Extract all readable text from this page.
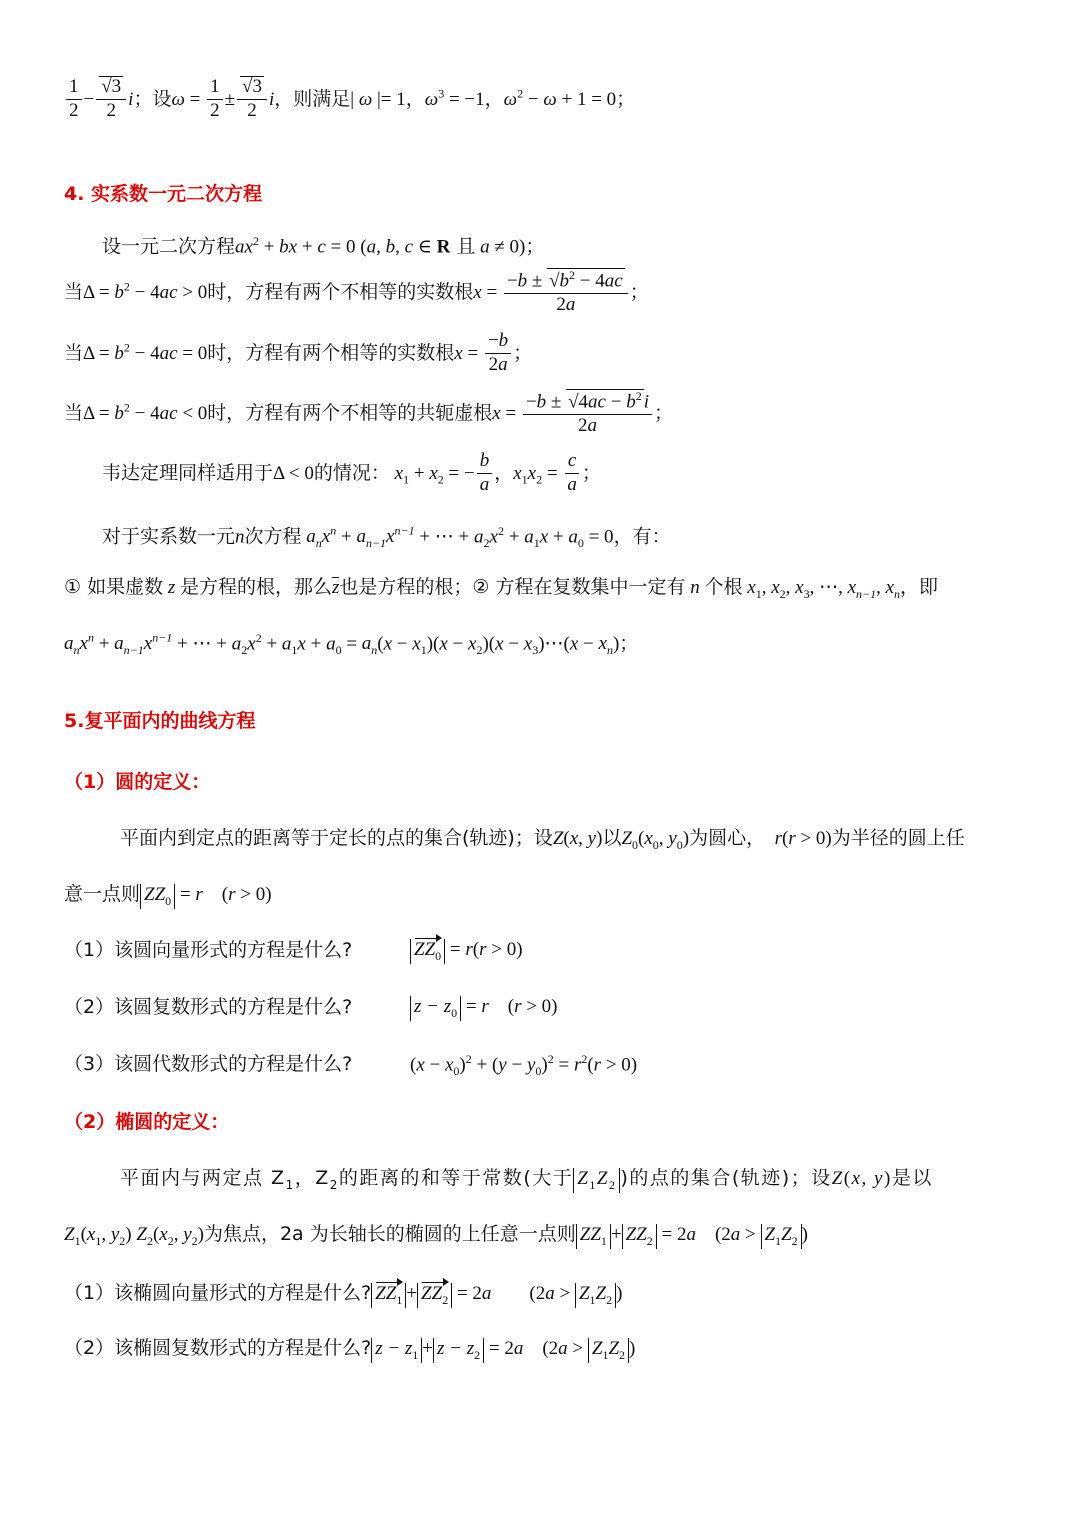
$\frac{1}{2} - \frac{√3}{2}$ i；设$\omega = \frac{1}{2} \pm \frac{√3}{2}$ i，则满足| ω |= 1，$\omega^3 = -1$，$\omega^2 - \omega + 1 = 0$；
4. 实系数一元二次方程
设一元二次方程$ax^2$ + bx + c = 0 (a, b, c ∈ R 且 a ≠ 0)；
当$\Delta = b^2 - 4ac > 0$时，方程有两个不相等的实数根$x = \frac{-b \pm √b^2 - 4ac}{2a}$ ；
当$\Delta = b^2 - 4ac = 0$时，方程有两个相等的实数根$x = \frac{-b}{2a}$ ；
当$\Delta = b^2 - 4ac < 0$时，方程有两个不相等的共轭虚根$x = \frac{-b \pm √4ac - b^2 i}{2a}$ ；
韦达定理同样适用于Δ < 0的情况： $x_1 + x_2$ = − $\frac{b}{a}$ ，$x_1x_2 = \frac{c}{a}$ ；
对于实系数一元n次方程 $a_nx^n + a_{n-1}x^{n-1}$ + ⋯ + $a_2x^2 + a_1x + a_0 = 0$，有：
① 如果虚数 z 是方程的根，那么z也是方程的根；② 方程在复数集中一定有 n 个根 $x_1$, $x_2$, $x_3$, ⋯, $x_{n-1}$, $x_n$，即
$a_nx^n + a_{n-1}x^{n-1}$ + ⋯ + $a_2x^2 + a_1x + a_0 = a_n(x - x_1)(x - x_2)(x$ − $x_3)\cdots(x - x_n)$；
5.复平面内的曲线方程
（1）圆的定义：
平面内到定点的距离等于定长的点的集合(轨迹)；设Z(x, y)以$Z_0(x_0$, $y_0$)为圆心，　r(r > 0)为半径的圆上任
意一点则 $ZZ_0 = r$　(r > 0)
（1）该圆向量形式的方程是什么?	$ZZ_0 = r(r > 0)$
（2）该圆复数形式的方程是什么?	$z - z_0 = r$　(r > 0)
（3）该圆代数形式的方程是什么?	$(x - x_0)^2 + (y - y_0)^2 = r^2(r > 0)$
（2）椭圆的定义：
平面内与两定点 $Z_1$，$Z_2$的距离的和等于常数(大于 $Z_1Z_2$ )的点的集合(轨迹)；设Z(x, y)是以
$Z_1(x_1$, $y_2$) $Z_2(x_2$, $y_2$)为焦点，2a 为长轴长的椭圆的上任意一点则 $ZZ_1 + ZZ_2 = 2a$　($2a > Z_1Z_2$ )
（1）该椭圆向量形式的方程是什么? $ZZ_1 + ZZ_2 = 2a$　　($2a > Z_1Z_2$ )
（2）该椭圆复数形式的方程是什么? $z - z_1 + z - z_2 = 2a$　($2a > Z_1Z_2$ )
